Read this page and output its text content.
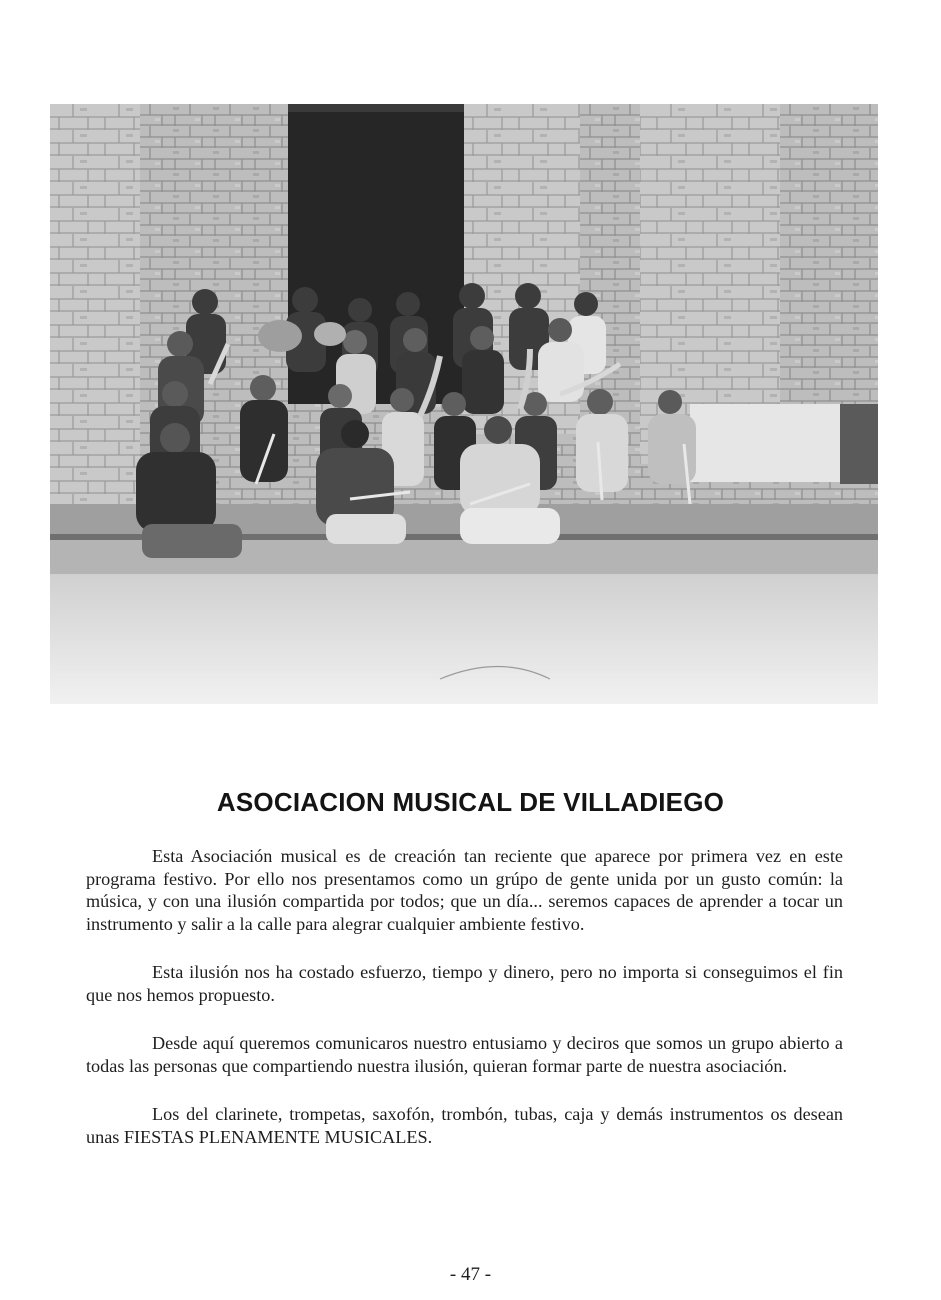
ASOCIACION MUSICAL DE VILLADIEGO

Esta Asociación musical es de creación tan reciente que aparece por primera vez en este programa festivo. Por ello nos presentamos como un grúpo de gente unida por un gusto común: la música, y con una ilusión compartida por todos; que un día... seremos capaces de aprender a tocar un instrumento y salir a la calle para alegrar cualquier ambiente festivo.

Esta ilusión nos ha costado esfuerzo, tiempo y dinero, pero no importa si conseguimos el fin que nos hemos propuesto.

Desde aquí queremos comunicaros nuestro entusiamo y deciros que somos un grupo abierto a todas las personas que compartiendo nuestra ilusión, quieran formar parte de nuestra asociación.

Los del clarinete, trompetas, saxofón, trombón, tubas, caja y demás instrumentos os desean unas FIESTAS PLENAMENTE MUSICALES.

- 47 -
